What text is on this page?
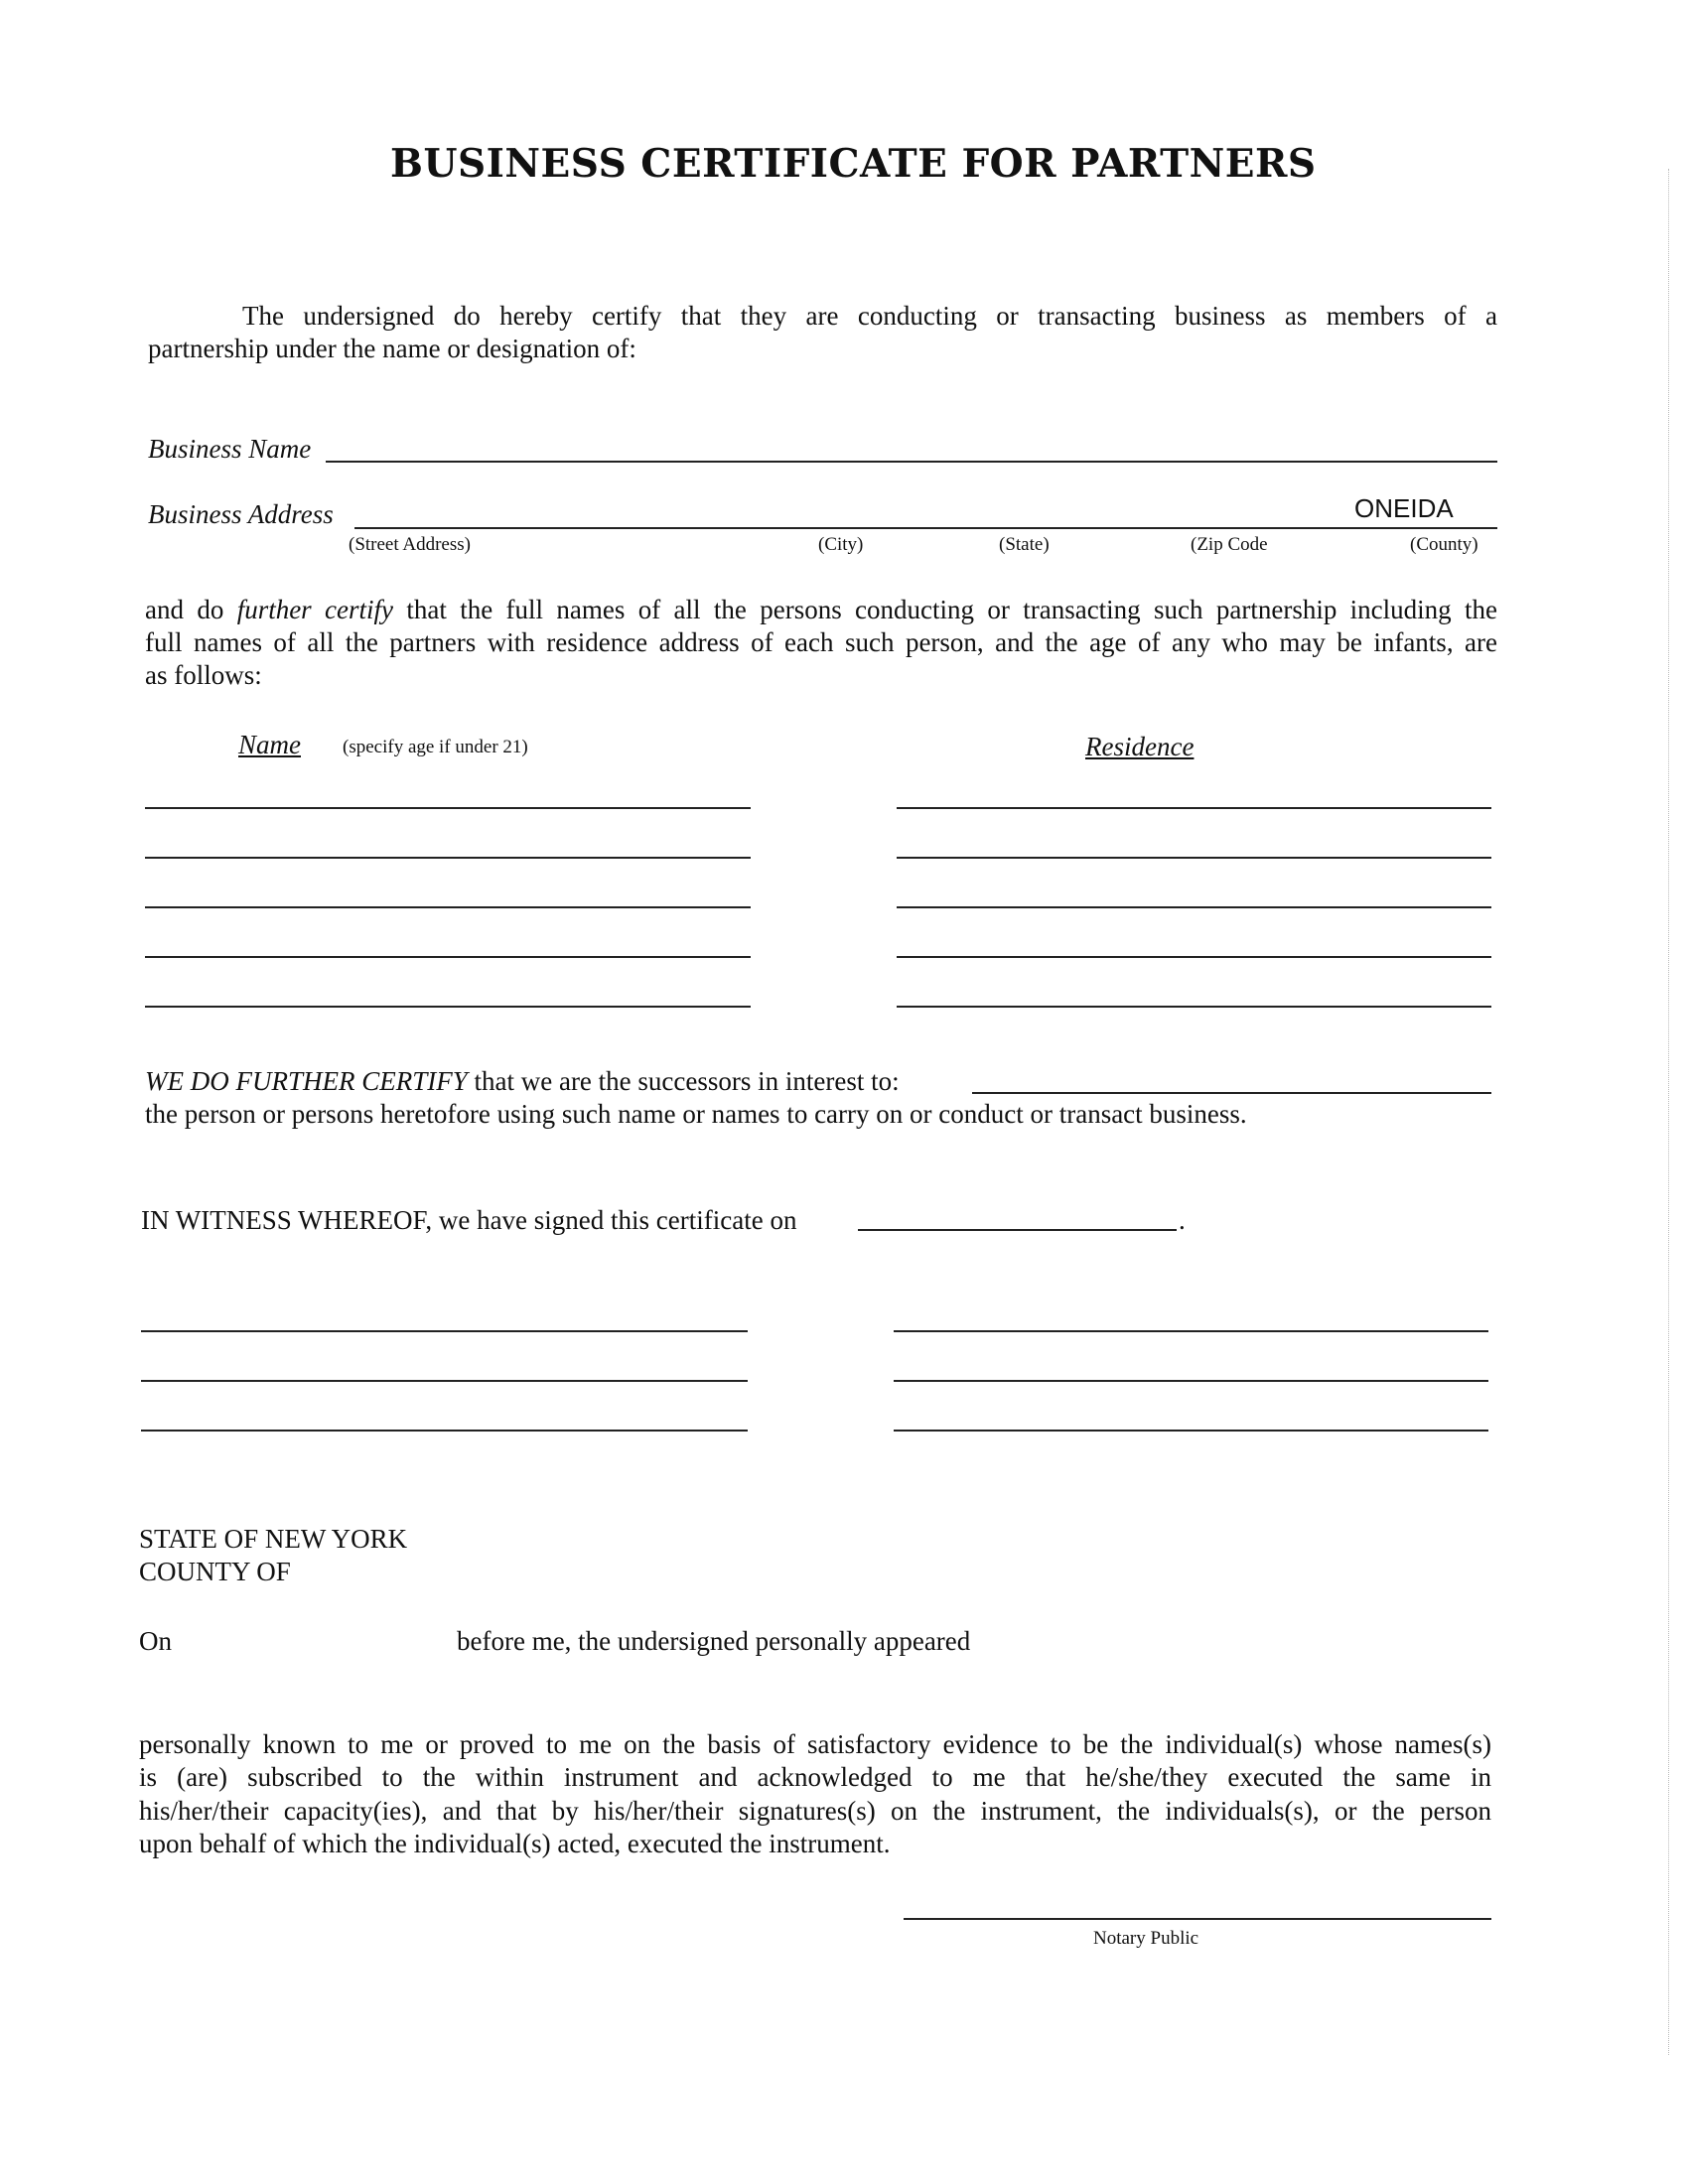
BUSINESS CERTIFICATE FOR PARTNERS
The undersigned do hereby certify that they are conducting or transacting business as members of a
partnership under the name or designation of:
Business Name
Business Address	ONEIDA
(Street Address)	(City)	(State)	(Zip Code	(County)
and do further certify that the full names of all the persons conducting or transacting such partnership including the
full names of all the partners with residence address of each such person, and the age of any who may be infants, are
as follows:
Name (specify age if under 21)	Residence
WE DO FURTHER CERTIFY that we are the successors in interest to:
the person or persons heretofore using such name or names to carry on or conduct or transact business.
IN WITNESS WHEREOF, we have signed this certificate on	.
STATE OF NEW YORK
COUNTY OF
On	before me, the undersigned personally appeared
personally known to me or proved to me on the basis of satisfactory evidence to be the individual(s) whose names(s)
is (are) subscribed to the within instrument and acknowledged to me that he/she/they executed the same in
his/her/their capacity(ies), and that by his/her/their signatures(s) on the instrument, the individuals(s), or the person
upon behalf of which the individual(s) acted, executed the instrument.
Notary Public
